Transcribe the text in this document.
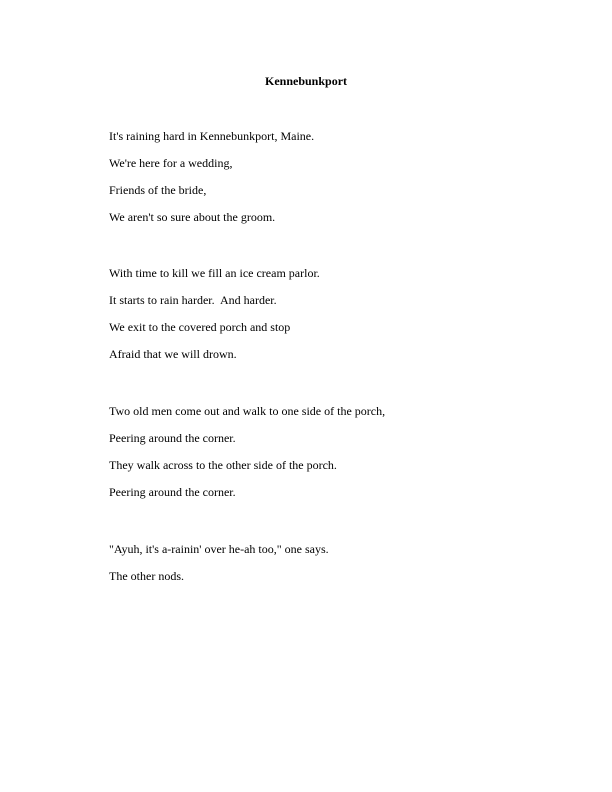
Kennebunkport

It's raining hard in Kennebunkport, Maine.

We're here for a wedding,

Friends of the bride,

We aren't so sure about the groom.

With time to kill we fill an ice cream parlor.

It starts to rain harder.  And harder.

We exit to the covered porch and stop

Afraid that we will drown.

Two old men come out and walk to one side of the porch,

Peering around the corner.

They walk across to the other side of the porch.

Peering around the corner.

"Ayuh, it's a-rainin' over he-ah too," one says.

The other nods.
